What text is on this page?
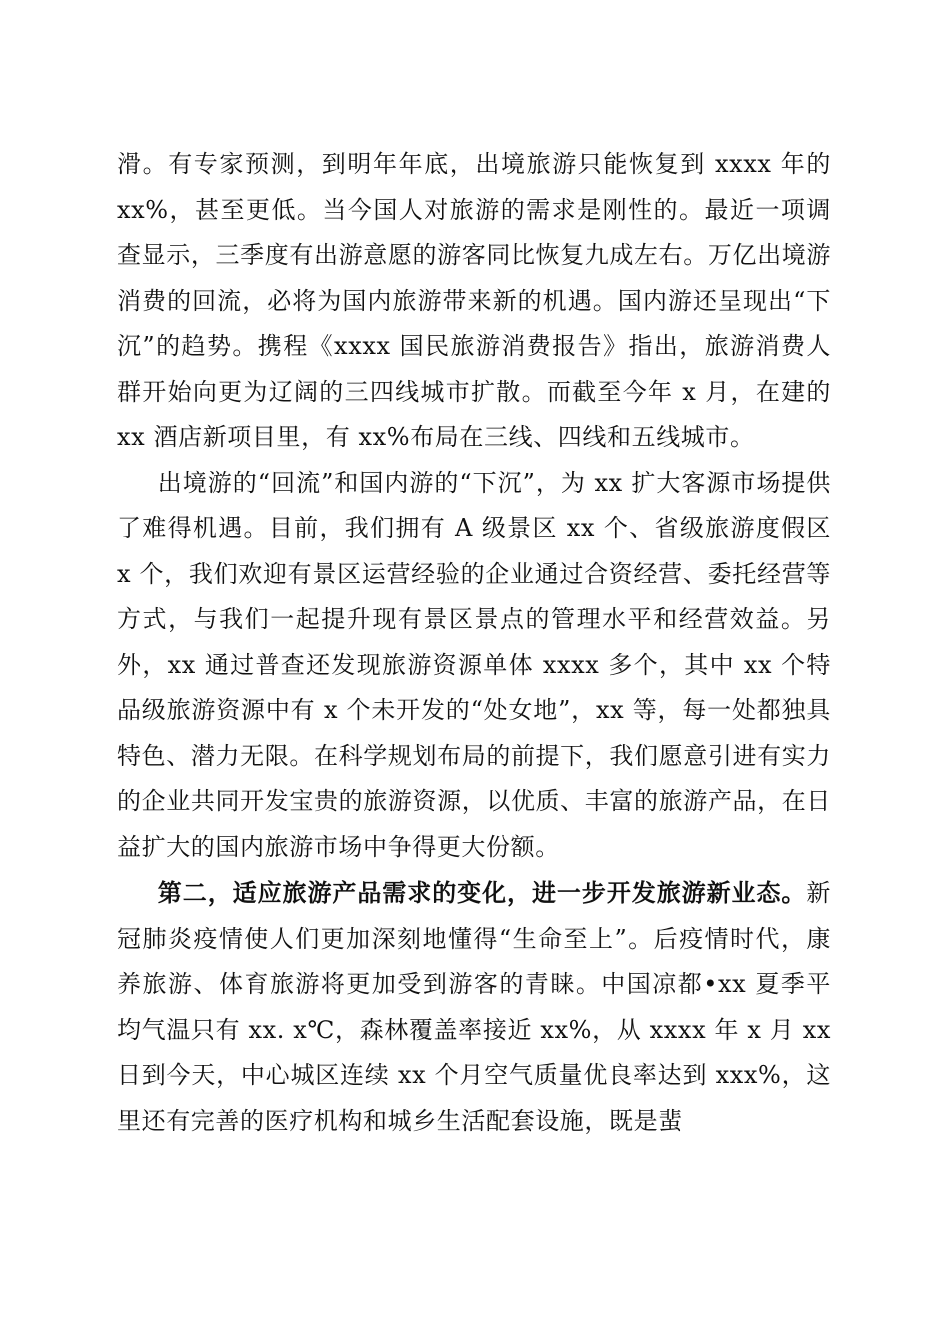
滑。有专家预测，到明年年底，出境旅游只能恢复到 xxxx 年的 xx%，甚至更低。当今国人对旅游的需求是刚性的。最近一项调查显示，三季度有出游意愿的游客同比恢复九成左右。万亿出境游消费的回流，必将为国内旅游带来新的机遇。国内游还呈现出“下沉”的趋势。携程《xxxx 国民旅游消费报告》指出，旅游消费人群开始向更为辽阔的三四线城市扩散。而截至今年 x 月，在建的 xx 酒店新项目里，有 xx%布局在三线、四线和五线城市。

出境游的“回流”和国内游的“下沉”，为 xx 扩大客源市场提供了难得机遇。目前，我们拥有 A 级景区 xx 个、省级旅游度假区 x 个，我们欢迎有景区运营经验的企业通过合资经营、委托经营等方式，与我们一起提升现有景区景点的管理水平和经营效益。另外，xx 通过普查还发现旅游资源单体 xxxx 多个，其中 xx 个特品级旅游资源中有 x 个未开发的“处女地”，xx 等，每一处都独具特色、潜力无限。在科学规划布局的前提下，我们愿意引进有实力的企业共同开发宝贵的旅游资源，以优质、丰富的旅游产品，在日益扩大的国内旅游市场中争得更大份额。

第二，适应旅游产品需求的变化，进一步开发旅游新业态。新冠肺炎疫情使人们更加深刻地懂得“生命至上”。后疫情时代，康养旅游、体育旅游将更加受到游客的青睐。中国凉都•xx 夏季平均气温只有 xx. x℃，森林覆盖率接近 xx%，从 xxxx 年 x 月 xx 日到今天，中心城区连续 xx 个月空气质量优良率达到 xxx%，这里还有完善的医疗机构和城乡生活配套设施，既是蜚
